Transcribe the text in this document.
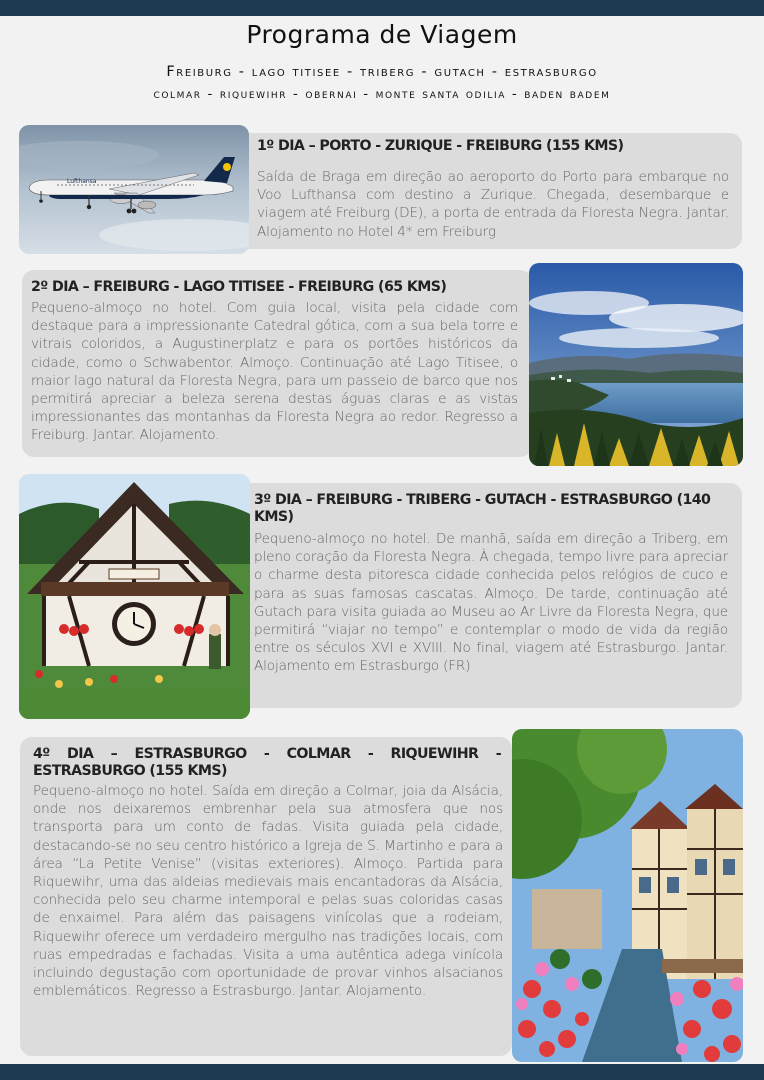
Programa de Viagem
Freiburg - lago titisee - triberg - gutach - estrasburgo
colmar - riquewihr - obernai - monte santa odilia - baden badem
Lufthansa
1º DIA – PORTO - ZURIQUE - FREIBURG (155 KMS)
Saída de Braga em direção ao aeroporto do Porto para embarque no Voo Lufthansa com destino a Zurique. Chegada, desembarque e viagem até Freiburg (DE), a porta de entrada da Floresta Negra. Jantar. Alojamento no Hotel 4* em Freiburg
2º DIA – FREIBURG - LAGO TITISEE - FREIBURG (65 KMS)
Pequeno-almoço no hotel. Com guia local, visita pela cidade com destaque para a impressionante Catedral gótica, com a sua bela torre e vitrais coloridos, a Augustinerplatz e para os portões históricos da cidade, como o Schwabentor. Almoço. Continuação até Lago Titisee, o maior lago natural da Floresta Negra, para um passeio de barco que nos permitirá apreciar a beleza serena destas águas claras e as vistas impressionantes das montanhas da Floresta Negra ao redor. Regresso a Freiburg. Jantar. Alojamento.
3º DIA – FREIBURG - TRIBERG - GUTACH - ESTRASBURGO (140 KMS)
Pequeno-almoço no hotel. De manhã, saída em direção a Triberg, em pleno coração da Floresta Negra. À chegada, tempo livre para apreciar o charme desta pitoresca cidade conhecida pelos relógios de cuco e para as suas famosas cascatas. Almoço. De tarde, continuação até Gutach para visita guiada ao Museu ao Ar Livre da Floresta Negra, que permitirá “viajar no tempo” e contemplar o modo de vida da região entre os séculos XVI e XVIII. No final, viagem até Estrasburgo. Jantar. Alojamento em Estrasburgo (FR)
4º DIA – ESTRASBURGO - COLMAR - RIQUEWIHR - ESTRASBURGO (155 KMS)
Pequeno-almoço no hotel. Saída em direção a Colmar, joia da Alsácia, onde nos deixaremos embrenhar pela sua atmosfera que nos transporta para um conto de fadas. Visita guiada pela cidade, destacando-se no seu centro histórico a Igreja de S. Martinho e para a área “La Petite Venise” (visitas exteriores). Almoço. Partida para Riquewihr, uma das aldeias medievais mais encantadoras da Alsácia, conhecida pelo seu charme intemporal e pelas suas coloridas casas de enxaimel. Para além das paisagens vinícolas que a rodeiam, Riquewihr oferece um verdadeiro mergulho nas tradições locais, com ruas empedradas e fachadas. Visita a uma autêntica adega vinícola incluindo degustação com oportunidade de provar vinhos alsacianos emblemáticos. Regresso a Estrasburgo. Jantar. Alojamento.
